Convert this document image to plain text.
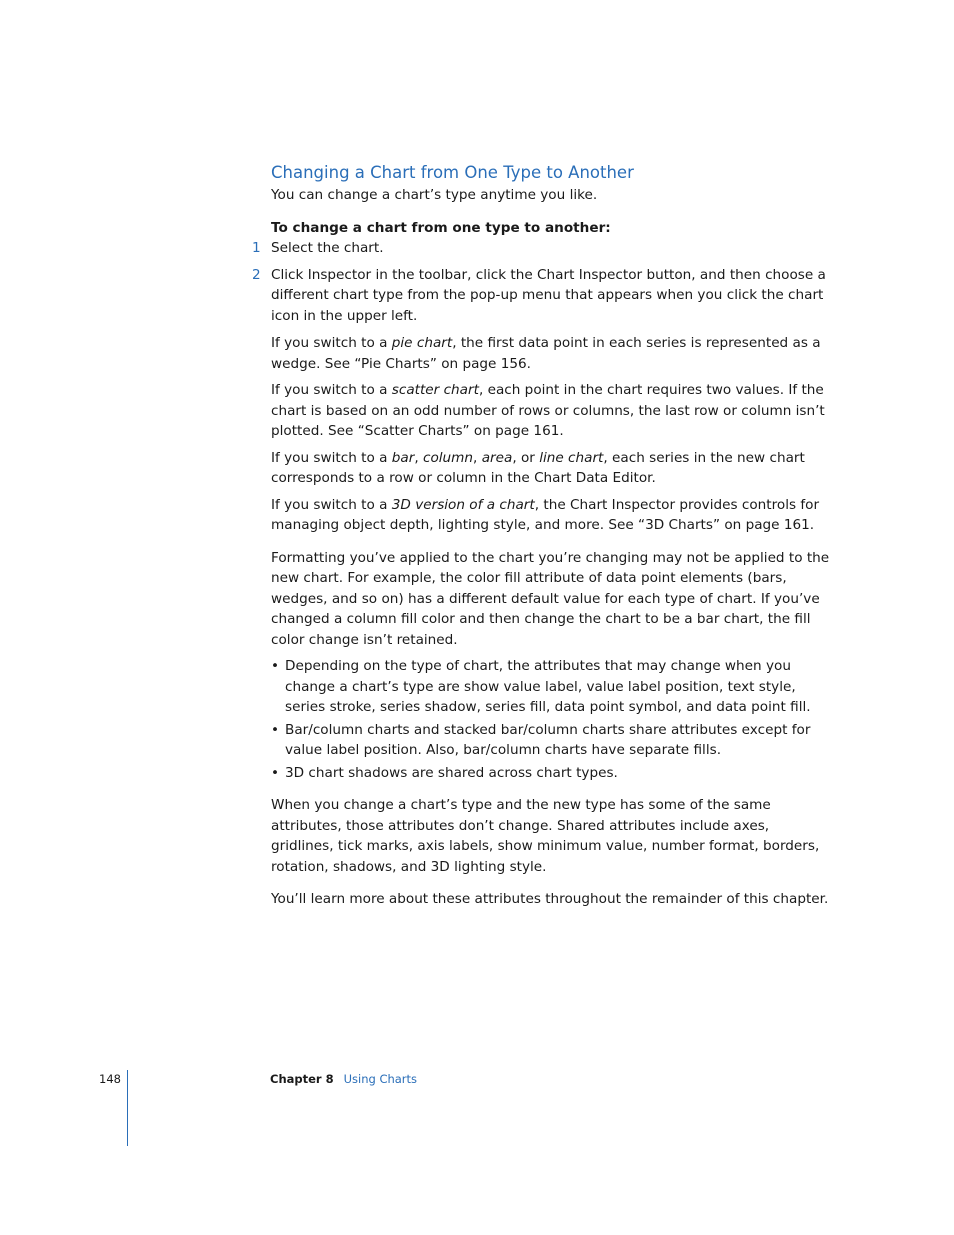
Changing a Chart from One Type to Another

You can change a chart’s type anytime you like.

To change a chart from one type to another:

1 Select the chart.

2 Click Inspector in the toolbar, click the Chart Inspector button, and then choose a different chart type from the pop-up menu that appears when you click the chart icon in the upper left.

If you switch to a pie chart, the first data point in each series is represented as a wedge. See “Pie Charts” on page 156.

If you switch to a scatter chart, each point in the chart requires two values. If the chart is based on an odd number of rows or columns, the last row or column isn’t plotted. See “Scatter Charts” on page 161.

If you switch to a bar, column, area, or line chart, each series in the new chart corresponds to a row or column in the Chart Data Editor.

If you switch to a 3D version of a chart, the Chart Inspector provides controls for managing object depth, lighting style, and more. See “3D Charts” on page 161.

Formatting you’ve applied to the chart you’re changing may not be applied to the new chart. For example, the color fill attribute of data point elements (bars, wedges, and so on) has a different default value for each type of chart. If you’ve changed a column fill color and then change the chart to be a bar chart, the fill color change isn’t retained.

• Depending on the type of chart, the attributes that may change when you change a chart’s type are show value label, value label position, text style, series stroke, series shadow, series fill, data point symbol, and data point fill.
• Bar/column charts and stacked bar/column charts share attributes except for value label position. Also, bar/column charts have separate fills.
• 3D chart shadows are shared across chart types.

When you change a chart’s type and the new type has some of the same attributes, those attributes don’t change. Shared attributes include axes, gridlines, tick marks, axis labels, show minimum value, number format, borders, rotation, shadows, and 3D lighting style.

You’ll learn more about these attributes throughout the remainder of this chapter.

148	Chapter 8 Using Charts
